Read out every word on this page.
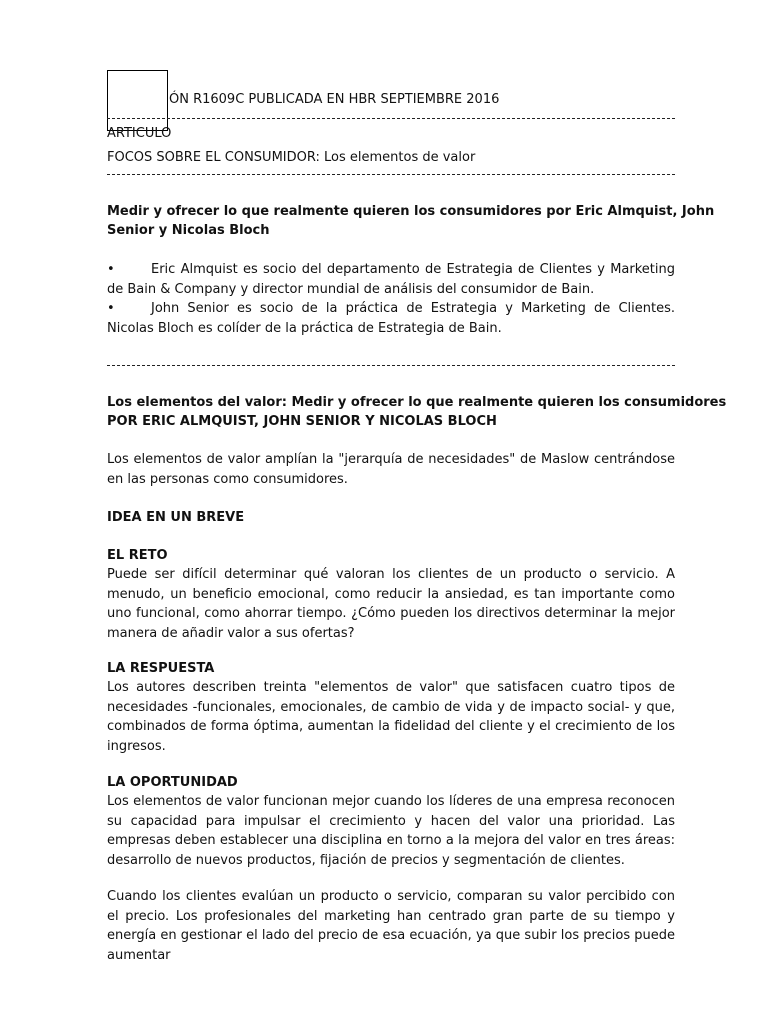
ÓN R1609C PUBLICADA EN HBR SEPTIEMBRE 2016
ARTÍCULO
FOCOS SOBRE EL CONSUMIDOR: Los elementos de valor
Medir y ofrecer lo que realmente quieren los consumidores por Eric Almquist, John
Senior y Nicolas Bloch
•	Eric Almquist es socio del departamento de Estrategia de Clientes y Marketing de Bain & Company y director mundial de análisis del consumidor de Bain.
•	John Senior es socio de la práctica de Estrategia y Marketing de Clientes. Nicolas Bloch es colíder de la práctica de Estrategia de Bain.
Los elementos del valor: Medir y ofrecer lo que realmente quieren los consumidores
POR ERIC ALMQUIST, JOHN SENIOR Y NICOLAS BLOCH
Los elementos de valor amplían la "jerarquía de necesidades" de Maslow centrándose en las personas como consumidores.
IDEA EN UN BREVE
EL RETO
Puede ser difícil determinar qué valoran los clientes de un producto o servicio. A menudo, un beneficio emocional, como reducir la ansiedad, es tan importante como uno funcional, como ahorrar tiempo. ¿Cómo pueden los directivos determinar la mejor manera de añadir valor a sus ofertas?
LA RESPUESTA
Los autores describen treinta "elementos de valor" que satisfacen cuatro tipos de necesidades -funcionales, emocionales, de cambio de vida y de impacto social- y que, combinados de forma óptima, aumentan la fidelidad del cliente y el crecimiento de los ingresos.
LA OPORTUNIDAD
Los elementos de valor funcionan mejor cuando los líderes de una empresa reconocen su capacidad para impulsar el crecimiento y hacen del valor una prioridad. Las empresas deben establecer una disciplina en torno a la mejora del valor en tres áreas: desarrollo de nuevos productos, fijación de precios y segmentación de clientes.
Cuando los clientes evalúan un producto o servicio, comparan su valor percibido con el precio. Los profesionales del marketing han centrado gran parte de su tiempo y energía en gestionar el lado del precio de esa ecuación, ya que subir los precios puede aumentar
